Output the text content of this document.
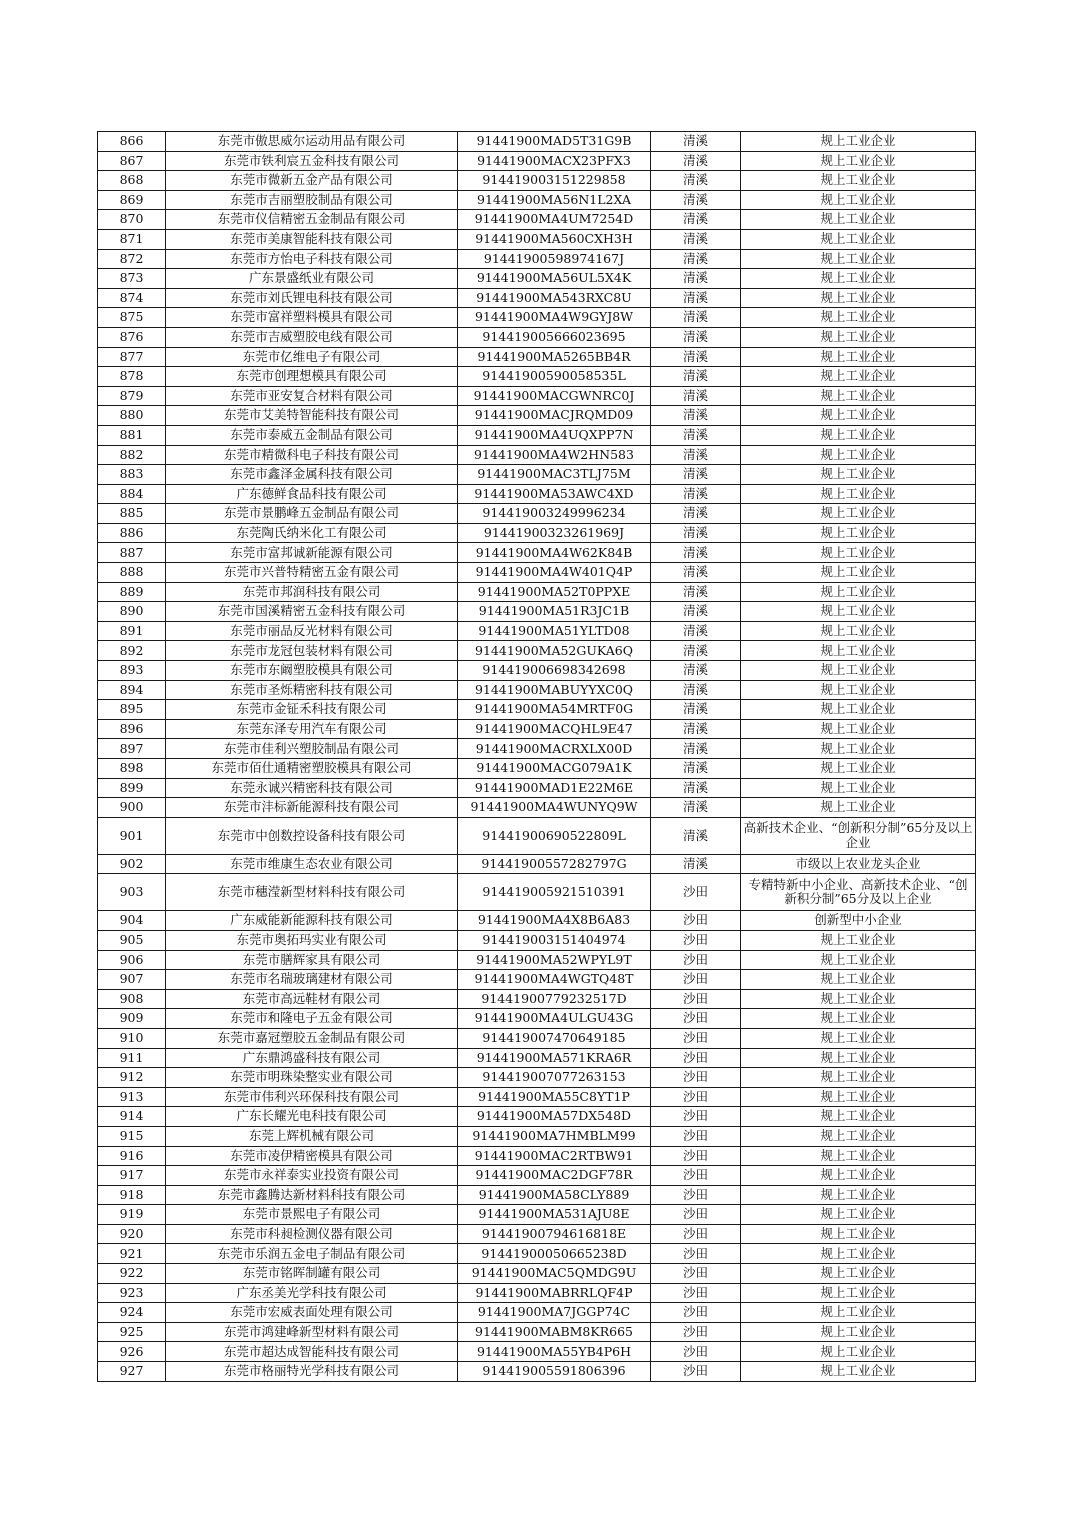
866	东莞市傲思威尔运动用品有限公司	91441900MAD5T31G9B	清溪	规上工业企业
867	东莞市铁利宸五金科技有限公司	91441900MACX23PFX3	清溪	规上工业企业
868	东莞市微新五金产品有限公司	914419003151229858	清溪	规上工业企业
869	东莞市吉丽塑胶制品有限公司	91441900MA56N1L2XA	清溪	规上工业企业
870	东莞市仪信精密五金制品有限公司	91441900MA4UM7254D	清溪	规上工业企业
871	东莞市美康智能科技有限公司	91441900MA560CXH3H	清溪	规上工业企业
872	东莞市方怡电子科技有限公司	91441900598974167J	清溪	规上工业企业
873	广东景盛纸业有限公司	91441900MA56UL5X4K	清溪	规上工业企业
874	东莞市刘氏锂电科技有限公司	91441900MA543RXC8U	清溪	规上工业企业
875	东莞市富祥塑料模具有限公司	91441900MA4W9GYJ8W	清溪	规上工业企业
876	东莞市吉威塑胶电线有限公司	914419005666023695	清溪	规上工业企业
877	东莞市亿维电子有限公司	91441900MA5265BB4R	清溪	规上工业企业
878	东莞市创理想模具有限公司	91441900590058535L	清溪	规上工业企业
879	东莞市亚安复合材料有限公司	91441900MACGWNRC0J	清溪	规上工业企业
880	东莞市艾美特智能科技有限公司	91441900MACJRQMD09	清溪	规上工业企业
881	东莞市泰威五金制品有限公司	91441900MA4UQXPP7N	清溪	规上工业企业
882	东莞市精微科电子科技有限公司	91441900MA4W2HN583	清溪	规上工业企业
883	东莞市鑫泽金属科技有限公司	91441900MAC3TLJ75M	清溪	规上工业企业
884	广东德鲜食品科技有限公司	91441900MA53AWC4XD	清溪	规上工业企业
885	东莞市景鹏峰五金制品有限公司	914419003249996234	清溪	规上工业企业
886	东莞陶氏纳米化工有限公司	91441900323261969J	清溪	规上工业企业
887	东莞市富邦诚新能源有限公司	91441900MA4W62K84B	清溪	规上工业企业
888	东莞市兴普特精密五金有限公司	91441900MA4W401Q4P	清溪	规上工业企业
889	东莞市邦润科技有限公司	91441900MA52T0PPXE	清溪	规上工业企业
890	东莞市国溪精密五金科技有限公司	91441900MA51R3JC1B	清溪	规上工业企业
891	东莞市丽品反光材料有限公司	91441900MA51YLTD08	清溪	规上工业企业
892	东莞市龙冠包装材料有限公司	91441900MA52GUKA6Q	清溪	规上工业企业
893	东莞市东阚塑胶模具有限公司	914419006698342698	清溪	规上工业企业
894	东莞市圣烁精密科技有限公司	91441900MABUYYXC0Q	清溪	规上工业企业
895	东莞市金钲禾科技有限公司	91441900MA54MRTF0G	清溪	规上工业企业
896	东莞东泽专用汽车有限公司	91441900MACQHL9E47	清溪	规上工业企业
897	东莞市佳利兴塑胶制品有限公司	91441900MACRXLX00D	清溪	规上工业企业
898	东莞市佰仕通精密塑胶模具有限公司	91441900MACG079A1K	清溪	规上工业企业
899	东莞永诚兴精密科技有限公司	91441900MAD1E22M6E	清溪	规上工业企业
900	东莞市沣标新能源科技有限公司	91441900MA4WUNYQ9W	清溪	规上工业企业
901	东莞市中创数控设备科技有限公司	91441900690522809L	清溪	高新技术企业、“创新积分制”65分及以上企业
902	东莞市维康生态农业有限公司	91441900557282797G	清溪	市级以上农业龙头企业
903	东莞市穗滢新型材料科技有限公司	914419005921510391	沙田	专精特新中小企业、高新技术企业、“创新积分制”65分及以上企业
904	广东威能新能源科技有限公司	91441900MA4X8B6A83	沙田	创新型中小企业
905	东莞市奥拓玛实业有限公司	914419003151404974	沙田	规上工业企业
906	东莞市膳辉家具有限公司	91441900MA52WPYL9T	沙田	规上工业企业
907	东莞市名瑞玻璃建材有限公司	91441900MA4WGTQ48T	沙田	规上工业企业
908	东莞市高远鞋材有限公司	91441900779232517D	沙田	规上工业企业
909	东莞市和隆电子五金有限公司	91441900MA4ULGU43G	沙田	规上工业企业
910	东莞市嘉冠塑胶五金制品有限公司	914419007470649185	沙田	规上工业企业
911	广东鼎鸿盛科技有限公司	91441900MA571KRA6R	沙田	规上工业企业
912	东莞市明珠染整实业有限公司	914419007077263153	沙田	规上工业企业
913	东莞市伟利兴环保科技有限公司	91441900MA55C8YT1P	沙田	规上工业企业
914	广东长耀光电科技有限公司	91441900MA57DX548D	沙田	规上工业企业
915	东莞上辉机械有限公司	91441900MA7HMBLM99	沙田	规上工业企业
916	东莞市凌伊精密模具有限公司	91441900MAC2RTBW91	沙田	规上工业企业
917	东莞市永祥泰实业投资有限公司	91441900MAC2DGF78R	沙田	规上工业企业
918	东莞市鑫腾达新材料科技有限公司	91441900MA58CLY889	沙田	规上工业企业
919	东莞市景熙电子有限公司	91441900MA531AJU8E	沙田	规上工业企业
920	东莞市科昶检测仪器有限公司	91441900794616818E	沙田	规上工业企业
921	东莞市乐润五金电子制品有限公司	91441900050665238D	沙田	规上工业企业
922	东莞市铭晖制罐有限公司	91441900MAC5QMDG9U	沙田	规上工业企业
923	广东丞美光学科技有限公司	91441900MABRRLQF4P	沙田	规上工业企业
924	东莞市宏威表面处理有限公司	91441900MA7JGGP74C	沙田	规上工业企业
925	东莞市鸿建峰新型材料有限公司	91441900MABM8KR665	沙田	规上工业企业
926	东莞市超达成智能科技有限公司	91441900MA55YB4P6H	沙田	规上工业企业
927	东莞市格丽特光学科技有限公司	914419005591806396	沙田	规上工业企业
